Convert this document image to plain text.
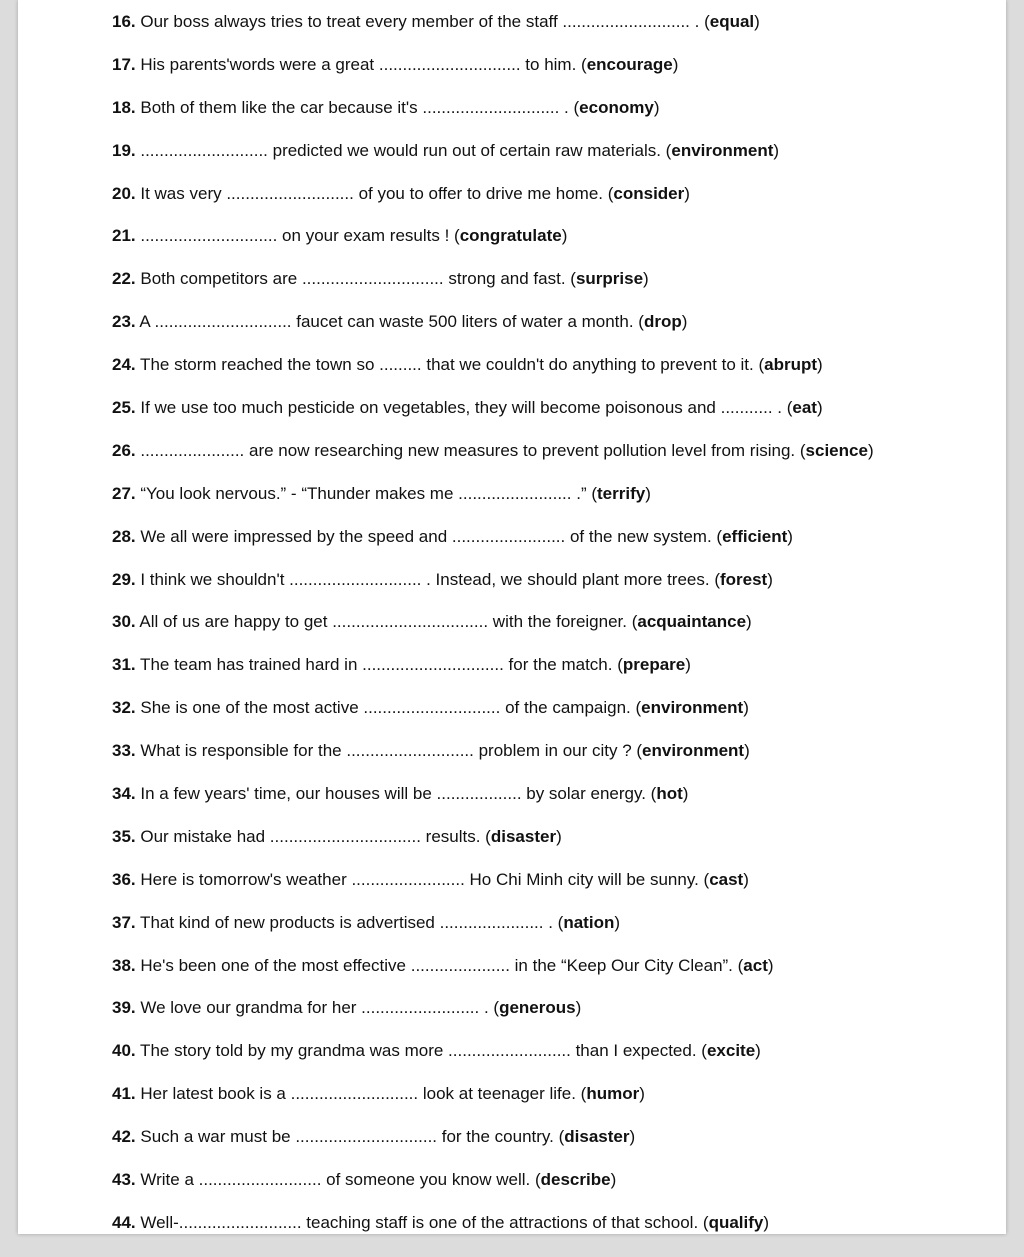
16. Our boss always tries to treat every member of the staff ........................... . (equal)
17. His parents'words were a great .............................. to him. (encourage)
18. Both of them like the car because it's ............................. . (economy)
19. ........................... predicted we would run out of certain raw materials. (environment)
20. It was very ........................... of you to offer to drive me home. (consider)
21. ............................. on your exam results ! (congratulate)
22. Both competitors are .............................. strong and fast. (surprise)
23. A ............................. faucet can waste 500 liters of water a month. (drop)
24. The storm reached the town so ......... that we couldn't do anything to prevent to it. (abrupt)
25. If we use too much pesticide on vegetables, they will become poisonous and ........... . (eat)
26. ...................... are now researching new measures to prevent pollution level from rising. (science)
27. “You look nervous.” - “Thunder makes me ........................ .” (terrify)
28. We all were impressed by the speed and ........................ of the new system. (efficient)
29. I think we shouldn't ............................ . Instead, we should plant more trees. (forest)
30. All of us are happy to get ................................. with the foreigner. (acquaintance)
31. The team has trained hard in .............................. for the match. (prepare)
32. She is one of the most active ............................. of the campaign. (environment)
33. What is responsible for the ........................... problem in our city ? (environment)
34. In a few years' time, our houses will be .................. by solar energy. (hot)
35. Our mistake had ................................ results. (disaster)
36. Here is tomorrow's weather ........................ Ho Chi Minh city will be sunny. (cast)
37. That kind of new products is advertised ...................... . (nation)
38. He's been one of the most effective ..................... in the “Keep Our City Clean”. (act)
39. We love our grandma for her ......................... . (generous)
40. The story told by my grandma was more .......................... than I expected. (excite)
41. Her latest book is a ........................... look at teenager life. (humor)
42. Such a war must be .............................. for the country. (disaster)
43. Write a .......................... of someone you know well. (describe)
44. Well-.......................... teaching staff is one of the attractions of that school. (qualify)
